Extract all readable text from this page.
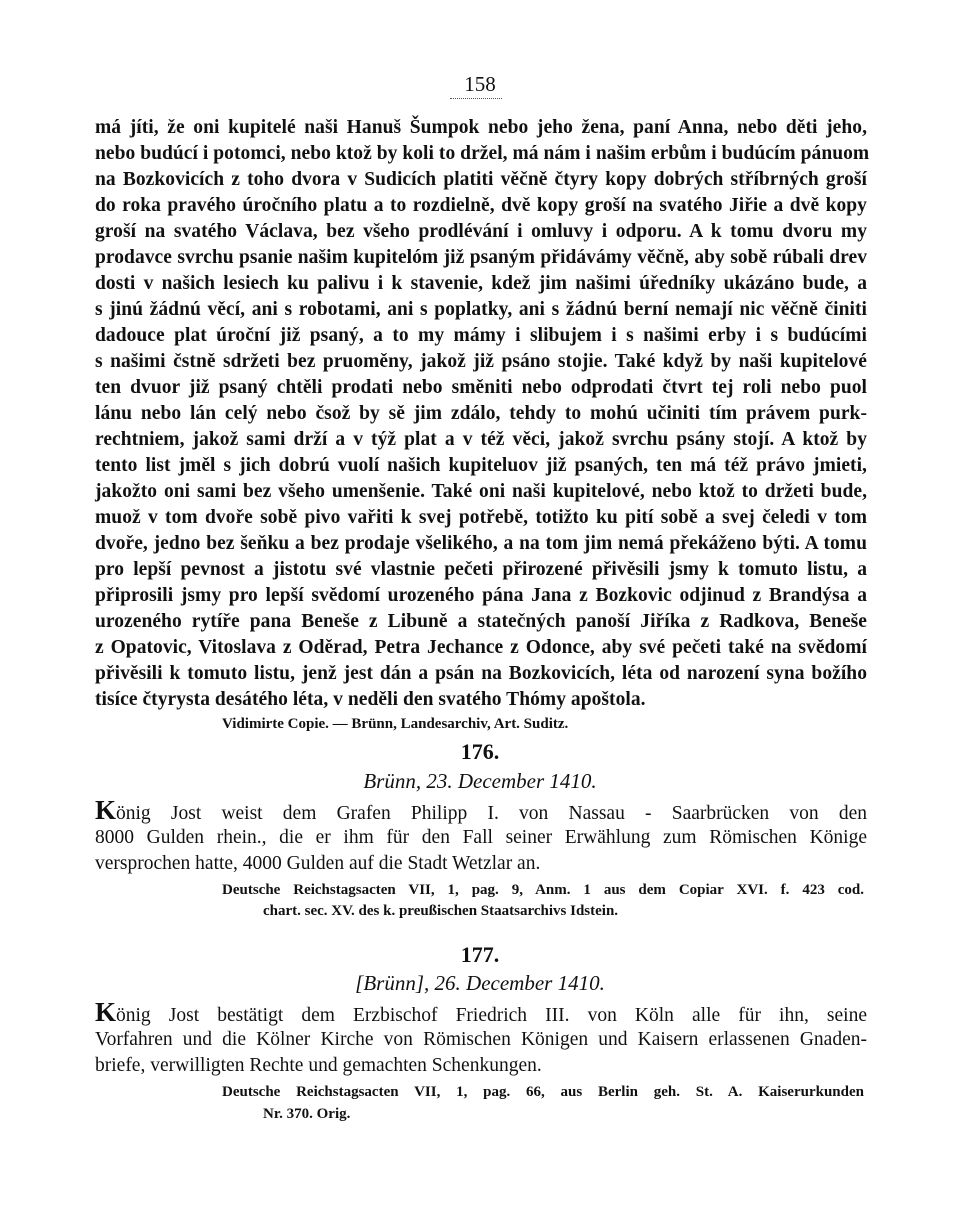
158
má jíti, že oni kupitelé naši Hanuš Šumpok nebo jeho žena, paní Anna, nebo děti jeho,
nebo budúcí i potomci, nebo ktož by koli to držel, má nám i našim erbům i budúcím pánuom
na Bozkovicích z toho dvora v Sudicích platiti věčně čtyry kopy dobrých stříbrných groší
do roka pravého úročního platu a to rozdielně, dvě kopy groší na svatého Jiřie a dvě kopy
groší na svatého Václava, bez všeho prodlévání i omluvy i odporu. A k tomu dvoru my
prodavce svrchu psanie našim kupitelóm již psaným přidávámy věčně, aby sobě rúbali drev
dosti v našich lesiech ku palivu i k stavenie, kdež jim našimi úředníky ukázáno bude, a
s jinú žádnú věcí, ani s robotami, ani s poplatky, ani s žádnú berní nemají nic věčně činiti
dadouce plat úroční již psaný, a to my mámy i slibujem i s našimi erby i s budúcími
s našimi čstně sdržeti bez pruoměny, jakož již psáno stojie. Také když by naši kupitelové
ten dvuor již psaný chtěli prodati nebo směniti nebo odprodati čtvrt tej roli nebo puol
lánu nebo lán celý nebo čsož by sě jim zdálo, tehdy to mohú učiniti tím právem purk-
rechtniem, jakož sami drží a v týž plat a v též věci, jakož svrchu psány stojí. A ktož by
tento list jměl s jich dobrú vuolí našich kupiteluov již psaných, ten má též právo jmieti,
jakožto oni sami bez všeho umenšenie. Také oni naši kupitelové, nebo ktož to držeti bude,
muož v tom dvoře sobě pivo vařiti k svej potřebě, totižto ku pití sobě a svej čeledi v tom
dvoře, jedno bez šeňku a bez prodaje všelikého, a na tom jim nemá překáženo býti. A tomu
pro lepší pevnost a jistotu své vlastnie pečeti přirozené přivěsili jsmy k tomuto listu, a
připrosili jsmy pro lepší svědomí urozeného pána Jana z Bozkovic odjinud z Brandýsa a
urozeného rytíře pana Beneše z Libuně a statečných panoší Jiříka z Radkova, Beneše
z Opatovic, Vitoslava z Oděrad, Petra Jechance z Odonce, aby své pečeti také na svědomí
přivěsili k tomuto listu, jenž jest dán a psán na Bozkovicích, léta od narození syna božího
tisíce čtyrysta desátého léta, v neděli den svatého Thómy apoštola.
Vidimirte Copie. — Brünn, Landesarchiv, Art. Suditz.
176.
Brünn, 23. December 1410.
König Jost weist dem Grafen Philipp I. von Nassau - Saarbrücken von den
8000 Gulden rhein., die er ihm für den Fall seiner Erwählung zum Römischen Könige
versprochen hatte, 4000 Gulden auf die Stadt Wetzlar an.
Deutsche Reichstagsacten VII, 1, pag. 9, Anm. 1 aus dem Copiar XVI. f. 423 cod.
chart. sec. XV. des k. preußischen Staatsarchivs Idstein.
177.
[Brünn], 26. December 1410.
König Jost bestätigt dem Erzbischof Friedrich III. von Köln alle für ihn, seine
Vorfahren und die Kölner Kirche von Römischen Königen und Kaisern erlassenen Gnaden-
briefe, verwilligten Rechte und gemachten Schenkungen.
Deutsche Reichstagsacten VII, 1, pag. 66, aus Berlin geh. St. A. Kaiserurkunden
Nr. 370. Orig.
